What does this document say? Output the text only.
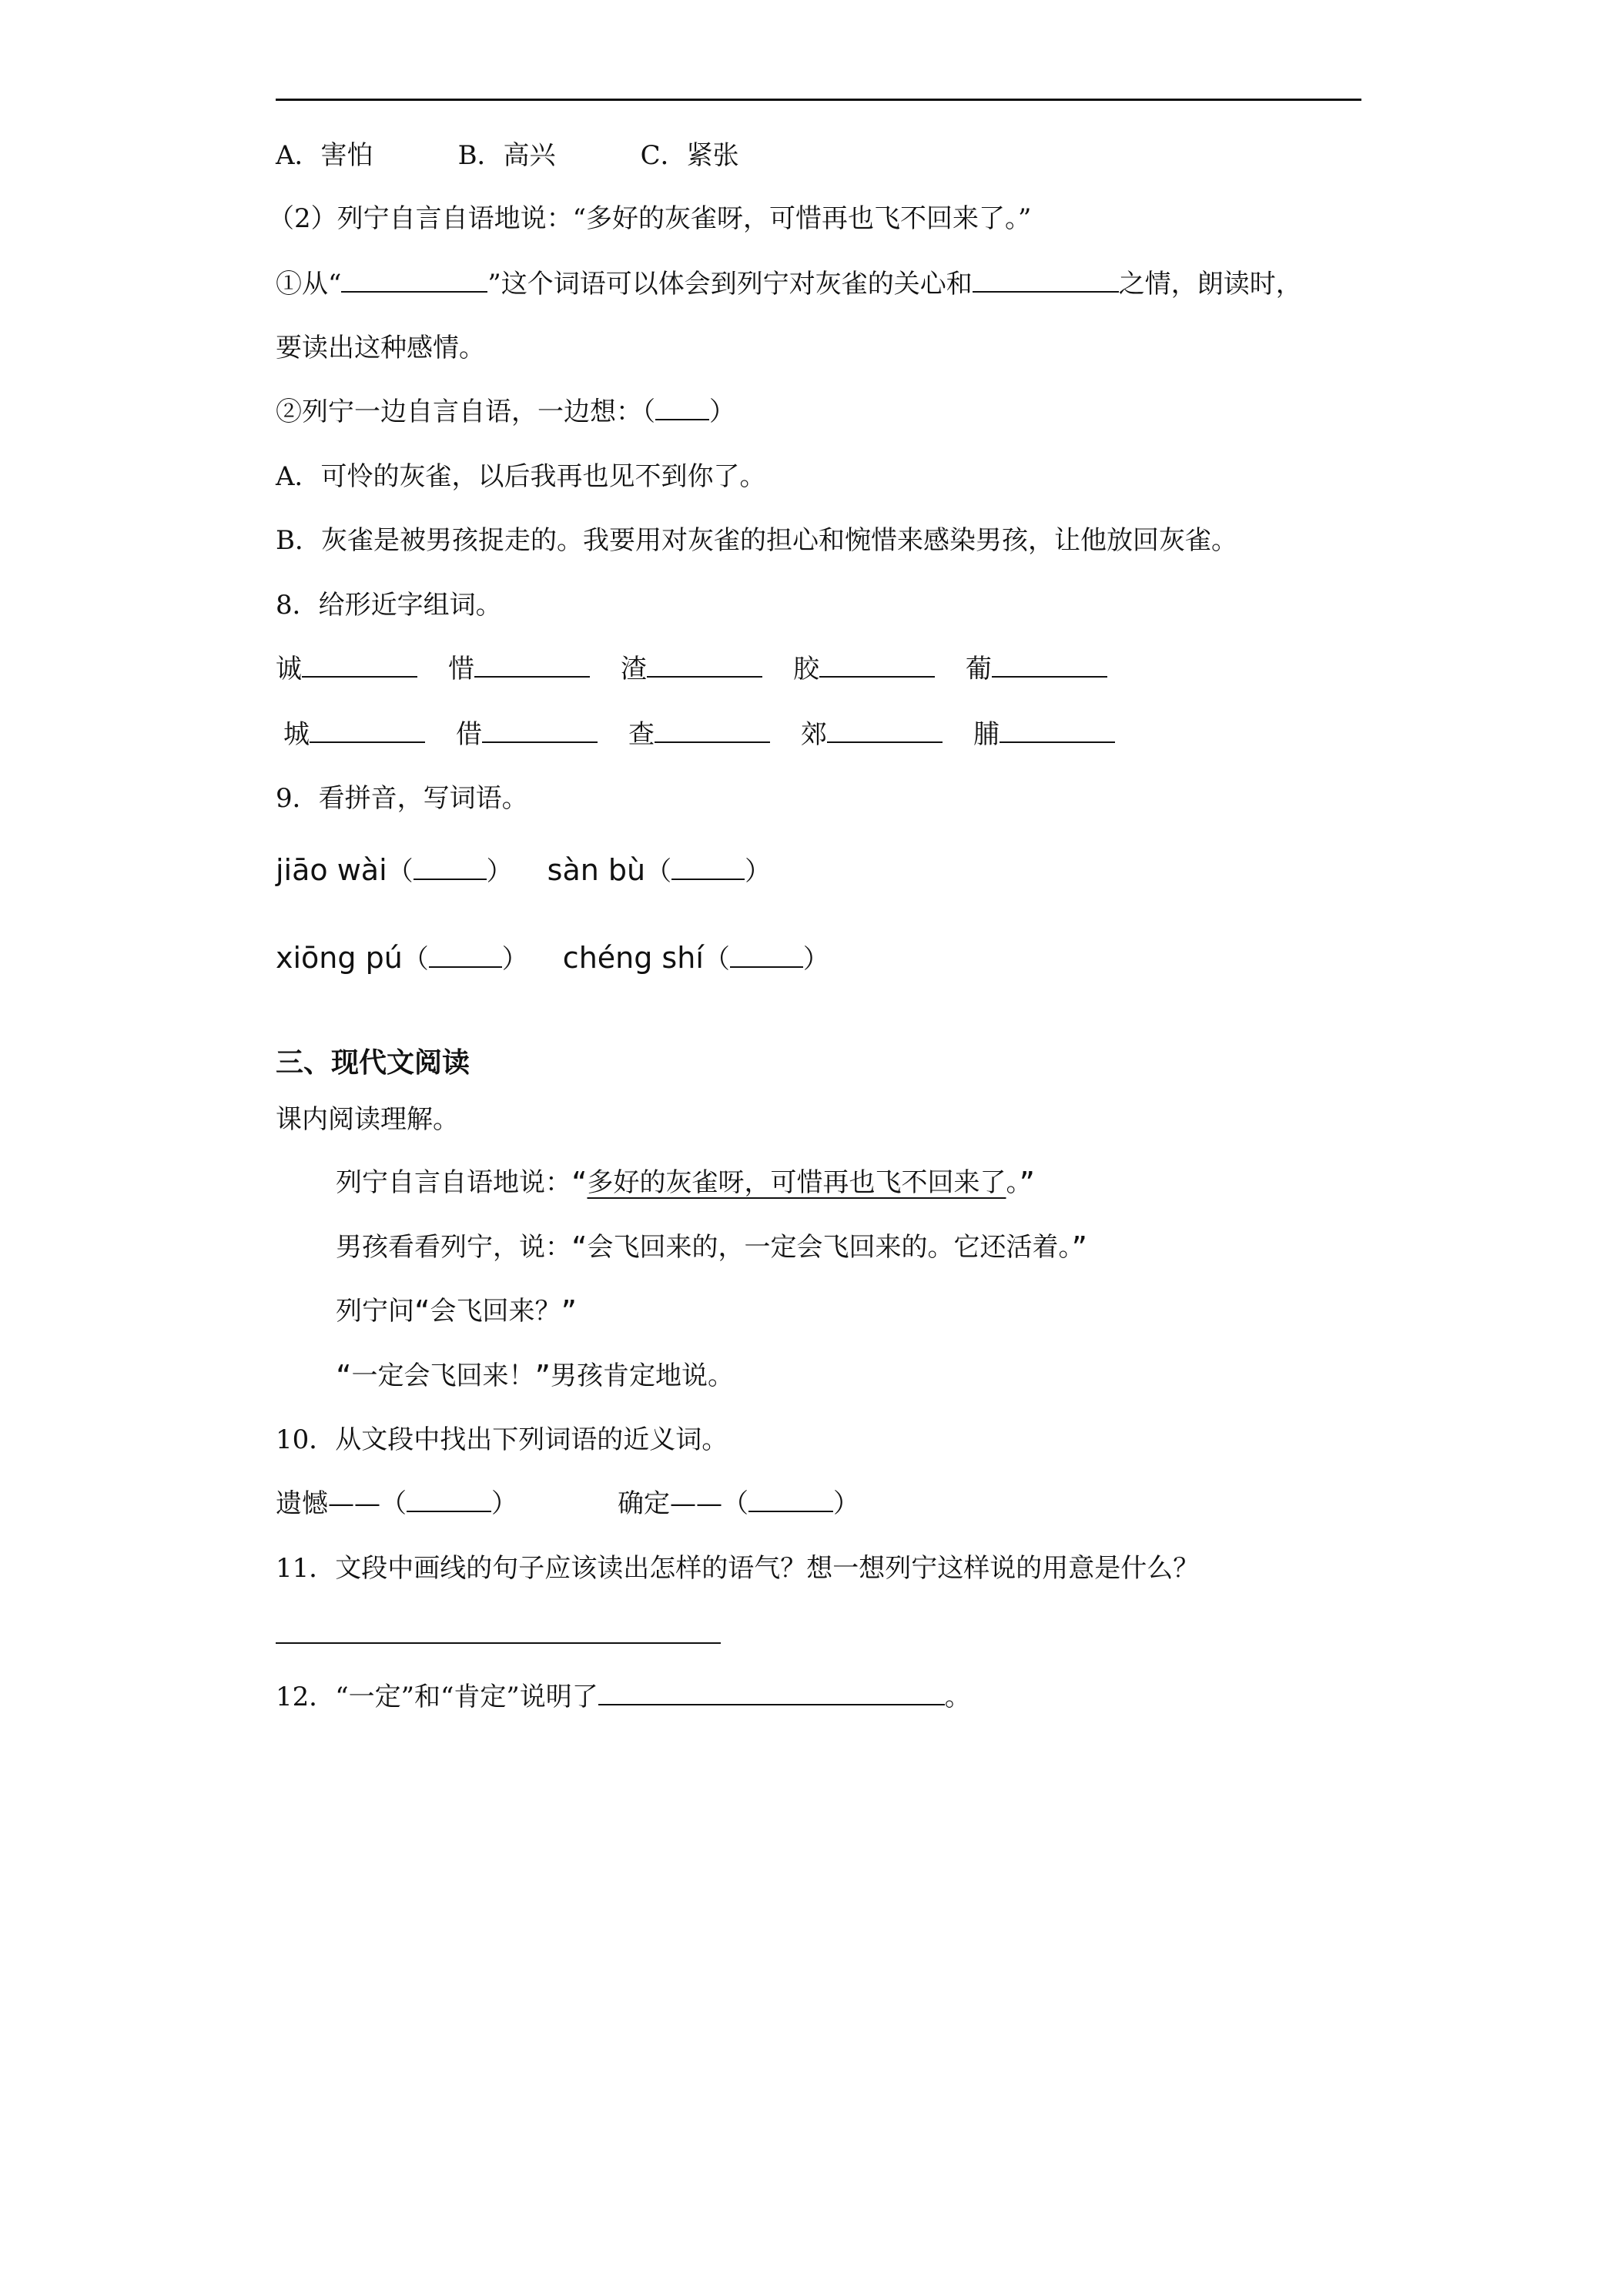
A．害怕	B．高兴	C．紧张
（2）列宁自言自语地说：“多好的灰雀呀，可惜再也飞不回来了。”
①从“	”这个词语可以体会到列宁对灰雀的关心和	之情，朗读时，
要读出这种感情。
②列宁一边自言自语，一边想：（ ）
A．可怜的灰雀，以后我再也见不到你了。
B．灰雀是被男孩捉走的。我要用对灰雀的担心和惋惜来感染男孩，让他放回灰雀。
8．给形近字组词。
诚	惜	渣	胶	葡
城	借	查	郊	脯
9．看拼音，写词语。
jiāo wài（	） sàn bù（	）
xiōng pú（	） chéng shí（	）
三、现代文阅读
课内阅读理解。
列宁自言自语地说：“多好的灰雀呀，可惜再也飞不回来了。”
男孩看看列宁，说：“会飞回来的，一定会飞回来的。它还活着。”
列宁问“会飞回来？”
“一定会飞回来！”男孩肯定地说。
10．从文段中找出下列词语的近义词。
遗憾——（	）	确定——（	）
11．文段中画线的句子应该读出怎样的语气？想一想列宁这样说的用意是什么？
12．“一定”和“肯定”说明了	。
